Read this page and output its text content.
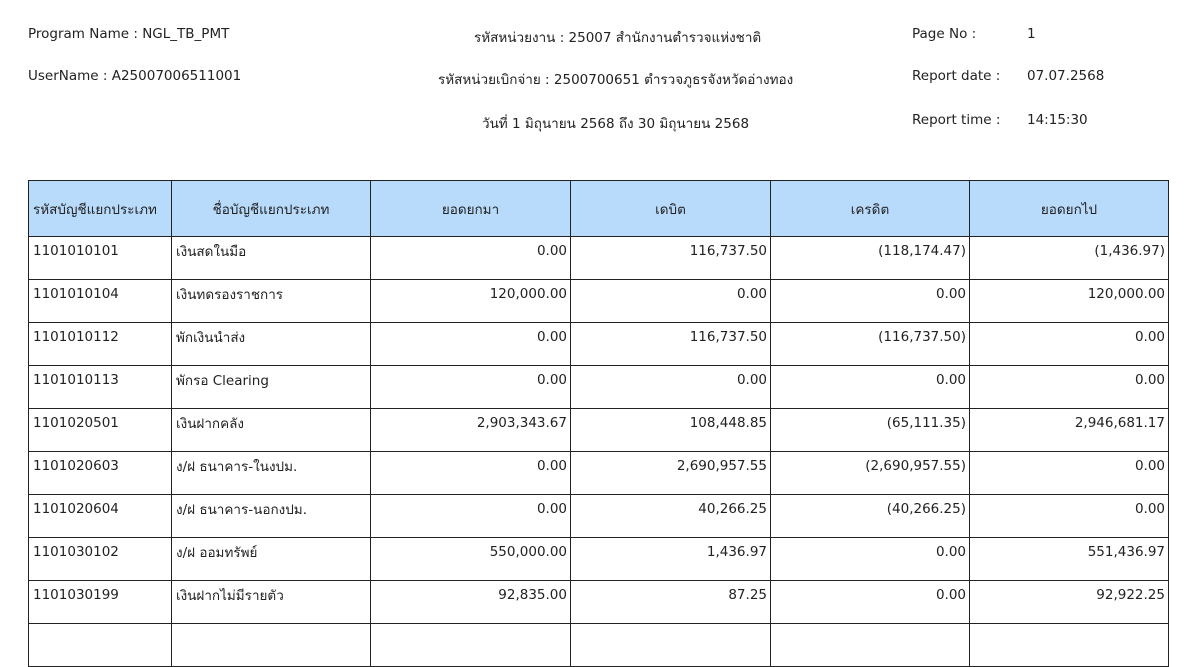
Program Name : NGL_TB_PMT
UserName : A25007006511001
รหัสหน่วยงาน : 25007 สำนักงานตำรวจแห่งชาติ
รหัสหน่วยเบิกจ่าย : 2500700651 ตำรวจภูธรจังหวัดอ่างทอง
วันที่ 1 มิถุนายน 2568 ถึง 30 มิถุนายน 2568
Page No :	1
Report date : 07.07.2568
Report time : 14:15:30
รหัสบัญชีแยกประเภท	ชื่อบัญชีแยกประเภท	ยอดยกมา	เดบิต	เครดิต	ยอดยกไป
1101010101	เงินสดในมือ	0.00	116,737.50	(118,174.47)	(1,436.97)
1101010104	เงินทดรองราชการ	120,000.00	0.00	0.00	120,000.00
1101010112	พักเงินนำส่ง	0.00	116,737.50	(116,737.50)	0.00
1101010113	พักรอ Clearing	0.00	0.00	0.00	0.00
1101020501	เงินฝากคลัง	2,903,343.67	108,448.85	(65,111.35)	2,946,681.17
1101020603	ง/ฝ ธนาคาร-ในงปม.	0.00	2,690,957.55	(2,690,957.55)	0.00
1101020604	ง/ฝ ธนาคาร-นอกงปม.	0.00	40,266.25	(40,266.25)	0.00
1101030102	ง/ฝ ออมทรัพย์	550,000.00	1,436.97	0.00	551,436.97
1101030199	เงินฝากไม่มีรายตัว	92,835.00	87.25	0.00	92,922.25
